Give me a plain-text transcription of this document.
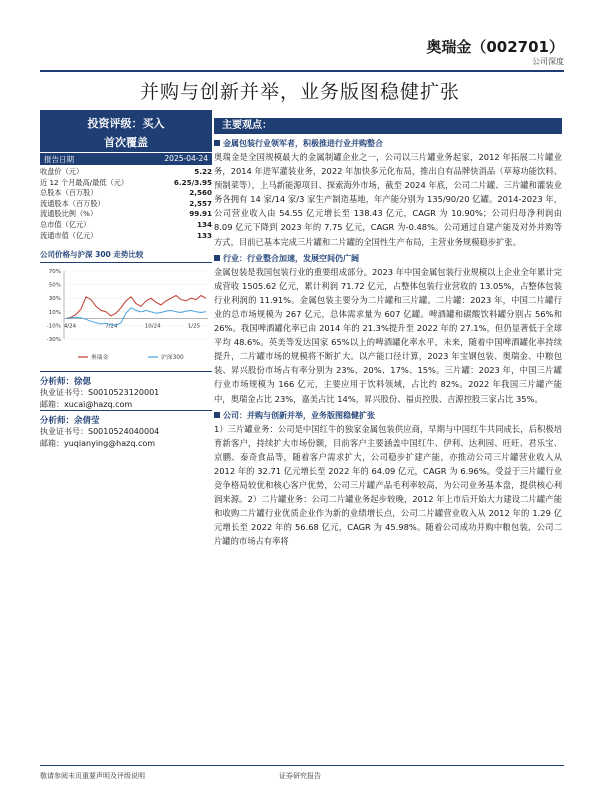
奥瑞金（002701）
公司深度
并购与创新并举，业务版图稳健扩张
投资评级：买入
首次覆盖
报告日期	2025-04-24
收盘价（元）	5.22
近 12 个月最高/最低（元）	6.25/3.95
总股本（百万股）	2,560
流通股本（百万股）	2,557
流通股比例（%）	99.91
总市值（亿元）	134
流通市值（亿元）	133
公司价格与沪深 300 走势比较
70%
50%
30%
10%
-10%
-30%
4/24	7/24	10/24	1/25
奥瑞金	沪深300
分析师：徐偲
执业证书号：S0010523120001
邮箱：xucai@hazq.com
分析师：余倩莹
执业证书号：S0010524040004
邮箱：yuqianying@hazq.com
主要观点：
金属包装行业领军者，积极推进行业并购整合
奥瑞金是全国规模最大的金属制罐企业之一，公司以三片罐业务起家，2012 年拓展二片罐业务，2014 年进军灌装业务，2022 年加快多元化布局，推出自有品牌快消品（草莓功能饮料、预制菜等），上马新能源项目、探索海外市场，截至 2024 年底，公司二片罐、三片罐和灌装业务各拥有 14 家/14 家/3 家生产制造基地，年产能分别为 135/90/20 亿罐。2014-2023 年，公司营业收入由 54.55 亿元增长至 138.43 亿元，CAGR 为 10.90%；公司归母净利润由 8.09 亿元下降到 2023 年的 7.75 亿元，CAGR 为-0.48%。公司通过自建产能及对外并购等方式，目前已基本完成三片罐和二片罐的全国性生产布局，主营业务规模稳步扩张。
行业：行业整合加速，发展空间仍广阔
金属包装是我国包装行业的重要组成部分。2023 年中国金属包装行业规模以上企业全年累计完成营收 1505.62 亿元，累计利润 71.72 亿元，占整体包装行业营收的 13.05%，占整体包装行业利润的 11.91%。金属包装主要分为二片罐和三片罐。二片罐：2023 年，中国二片罐行业的总市场规模为 267 亿元，总体需求量为 607 亿罐。啤酒罐和碳酸饮料罐分别占 56%和 26%。我国啤酒罐化率已由 2014 年的 21.3%提升至 2022 年的 27.1%，但仍显著低于全球平均 48.6%。英美等发达国家 65%以上的啤酒罐化率水平，未来，随着中国啤酒罐化率持续提升，二片罐市场的规模将不断扩大。以产能口径计算，2023 年宝钢包装、奥瑞金、中粮包装、昇兴股份市场占有率分别为 23%、20%、17%、15%。三片罐：2023 年，中国三片罐行业市场规模为 166 亿元，主要应用于饮料领域，占比约 82%。2022 年我国三片罐产能中，奥瑞金占比 23%，嘉美占比 14%，昇兴股份、福贞控股、吉源控股三家占比 35%。
公司：并购与创新并举，业务版图稳健扩张
1）三片罐业务：公司是中国红牛的独家金属包装供应商，早期与中国红牛共同成长，后积极培育新客户，持续扩大市场份额，目前客户主要涵盖中国红牛、伊利、达利园、旺旺、君乐宝、京鹏、泰奇食品等，随着客户需求扩大，公司稳步扩建产能，亦推动公司三片罐营业收入从 2012 年的 32.71 亿元增长至 2022 年的 64.09 亿元，CAGR 为 6.96%。受益于三片罐行业竞争格局较优和核心客户优势，公司三片罐产品毛利率较高，为公司业务基本盘，提供核心利润来源。2）二片罐业务：公司二片罐业务起步较晚，2012 年上市后开始大力建设二片罐产能和收购二片罐行业优质企业作为新的业绩增长点，公司二片罐营业收入从 2012 年的 1.29 亿元增长至 2022 年的 56.68 亿元，CAGR 为 45.98%。随着公司成功并购中粮包装，公司二片罐的市场占有率将
敬请参阅末页重要声明及评级说明	证券研究报告
